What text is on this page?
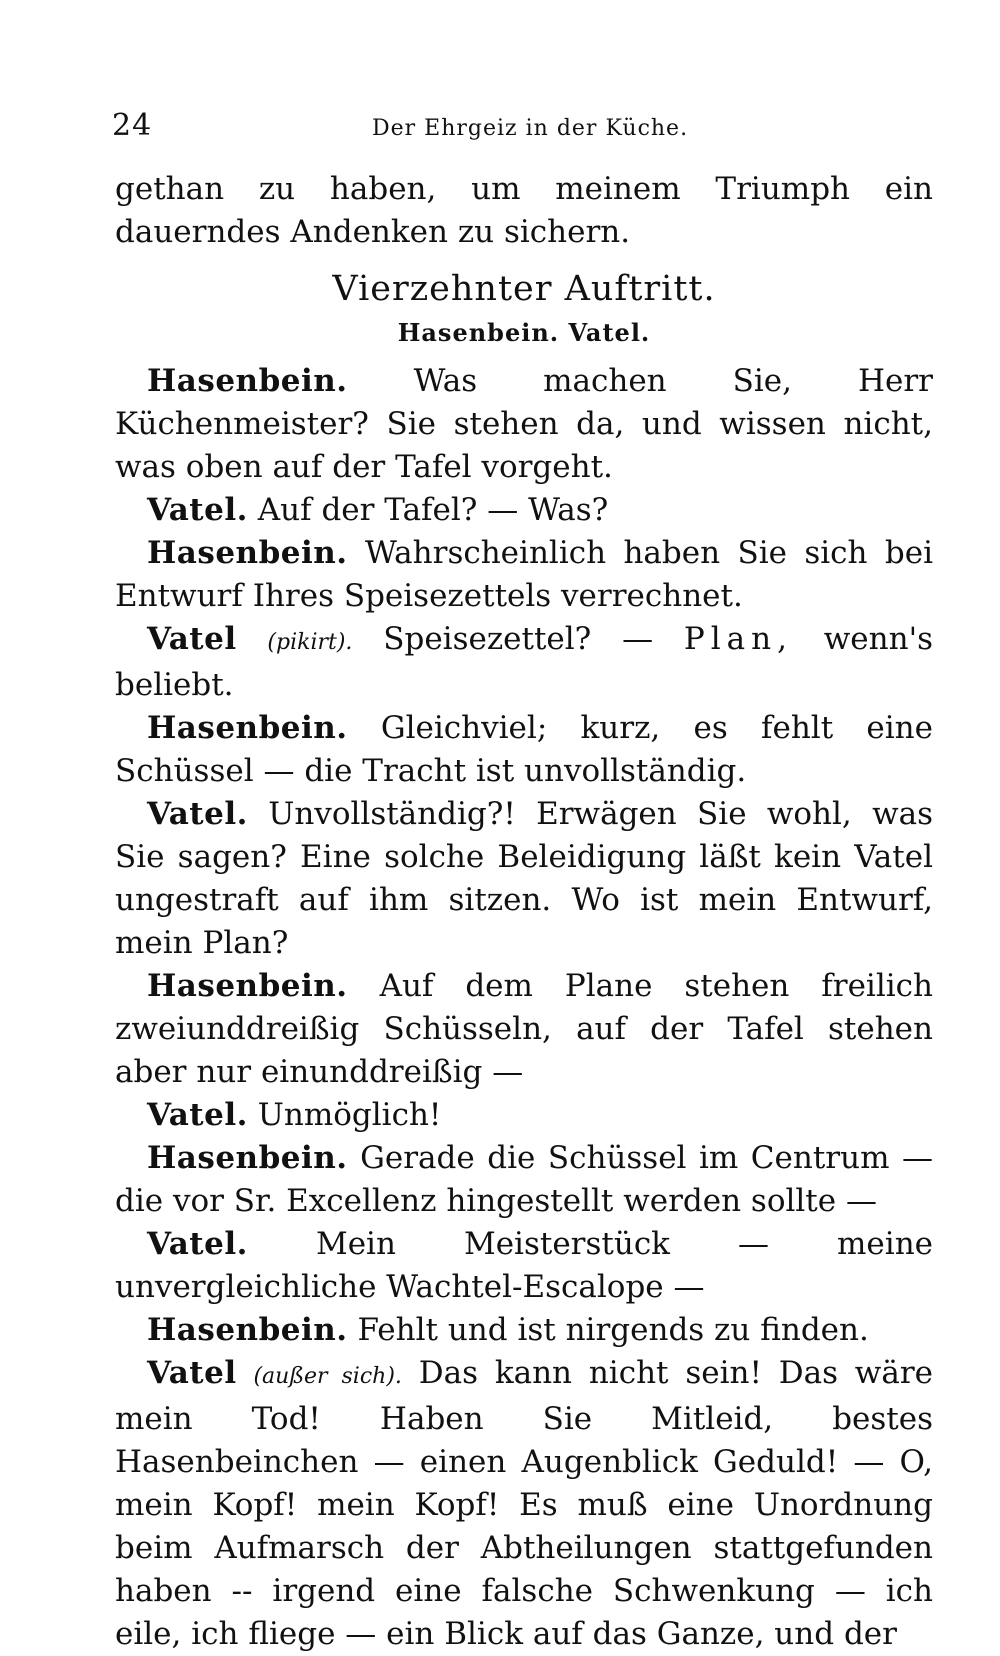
24	Der Ehrgeiz in der Küche.

gethan zu haben, um meinem Triumph ein dauerndes Andenken zu sichern.

Vierzehnter Auftritt.

Hasenbein. Vatel.

Hasenbein. Was machen Sie, Herr Küchenmeister? Sie stehen da, und wissen nicht, was oben auf der Tafel vorgeht.

Vatel. Auf der Tafel? — Was?

Hasenbein. Wahrscheinlich haben Sie sich bei Entwurf Ihres Speisezettels verrechnet.

Vatel (pikirt). Speisezettel? — Plan, wenn's beliebt.

Hasenbein. Gleichviel; kurz, es fehlt eine Schüssel — die Tracht ist unvollständig.

Vatel. Unvollständig?! Erwägen Sie wohl, was Sie sagen? Eine solche Beleidigung läßt kein Vatel ungestraft auf ihm sitzen. Wo ist mein Entwurf, mein Plan?

Hasenbein. Auf dem Plane stehen freilich zweiunddreißig Schüsseln, auf der Tafel stehen aber nur einunddreißig —

Vatel. Unmöglich!

Hasenbein. Gerade die Schüssel im Centrum — die vor Sr. Excellenz hingestellt werden sollte —

Vatel. Mein Meisterstück — meine unvergleichliche Wachtel-Escalope —

Hasenbein. Fehlt und ist nirgends zu finden.

Vatel (außer sich). Das kann nicht sein! Das wäre mein Tod! Haben Sie Mitleid, bestes Hasenbeinchen — einen Augenblick Geduld! — O, mein Kopf! mein Kopf! Es muß eine Unordnung beim Aufmarsch der Abtheilungen stattgefunden haben -- irgend eine falsche Schwenkung — ich eile, ich fliege — ein Blick auf das Ganze, und der
